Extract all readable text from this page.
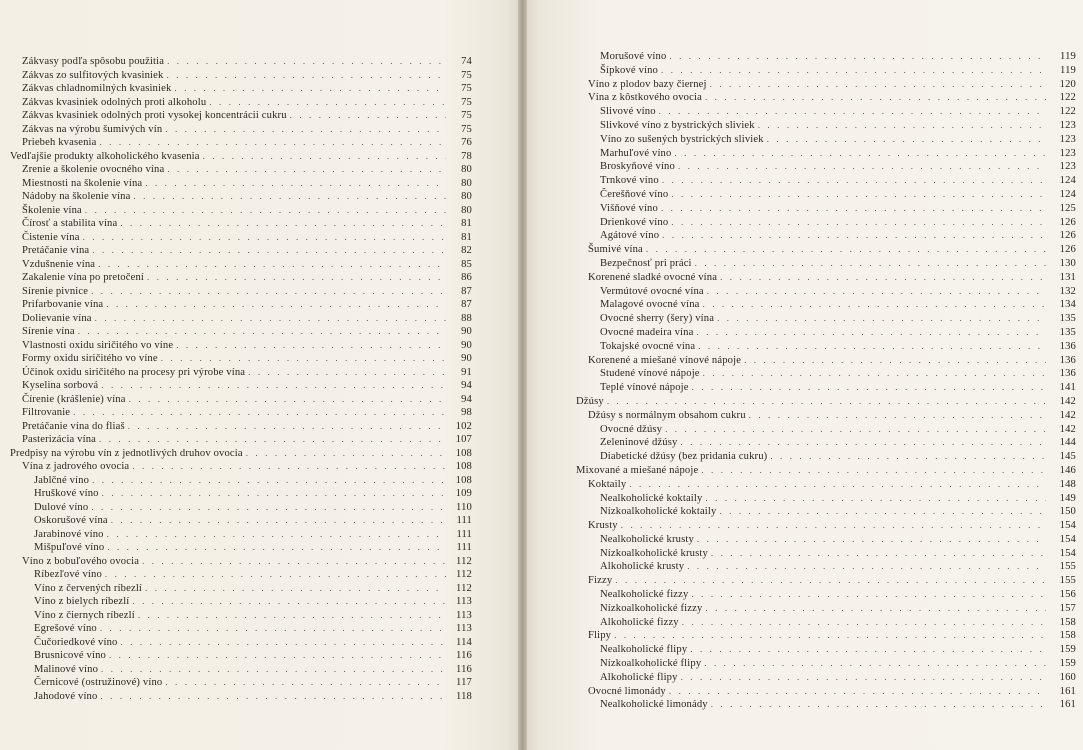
Zákvasy podľa spôsobu použitia . . .	74
Zákvas zo sulfitových kvasiniek . . .	75
Zákvas chladnomilných kvasiniek . . .	75
Zákvas kvasiniek odolných proti alkoholu . . .	75
Zákvas kvasiniek odolných proti vysokej koncentrácii cukru . . .	75
Zákvas na výrobu šumivých vín . . .	75
Priebeh kvasenia . . .	76
Vedľajšie produkty alkoholického kvasenia . . .	78
Zrenie a školenie ovocného vína . . .	80
Miestnosti na školenie vína . . .	80
Nádoby na školenie vína . . .	80
Školenie vína . . .	80
Čírosť a stabilita vína . . .	81
Čistenie vína . . .	81
Pretáčanie vína . . .	82
Vzdušnenie vína . . .	85
Zakalenie vína po pretočení . . .	86
Sírenie pivnice . . .	87
Prifarbovanie vína . . .	87
Dolievanie vína . . .	88
Sírenie vína . . .	90
Vlastnosti oxidu siričitého vo víne . . .	90
Formy oxidu siričitého vo víne . . .	90
Účinok oxidu siričitého na procesy pri výrobe vína . . .	91
Kyselina sorbová . . .	94
Čírenie (krášlenie) vína . . .	94
Filtrovanie . . .	98
Pretáčanie vína do fliaš . . .	102
Pasterizácia vína . . .	107
Predpisy na výrobu vín z jednotlivých druhov ovocia . . .	108
Vína z jadrového ovocia . . .	108
Jablčné víno . . .	108
Hruškové víno . . .	109
Dulové víno . . .	110
Oskorušové vína . . .	111
Jarabinové víno . . .	111
Mišpuľové víno . . .	111
Víno z bobuľového ovocia . . .	112
Ríbezľové víno . . .	112
Víno z červených ríbezlí . . .	112
Víno z bielych ríbezlí . . .	113
Víno z čiernych ríbezlí . . .	113
Egrešové víno . . .	113
Čučoriedkové víno . . .	114
Brusnicové víno . . .	116
Malinové víno . . .	116
Černicové (ostružinové) víno . . .	117
Jahodové víno . . .	118
Morušové víno . . .	119
Šípkové víno . . .	119
Víno z plodov bazy čiernej . . .	120
Vína z kôstkového ovocia . . .	122
Slivové víno . . .	122
Slivkové víno z bystrických sliviek . . .	123
Víno zo sušených bystrických sliviek . . .	123
Marhuľové víno . . .	123
Broskyňové víno . . .	123
Trnkové víno . . .	124
Čerešňové víno . . .	124
Višňové víno . . .	125
Drienkové víno . . .	126
Agátové víno . . .	126
Šumivé vína . . .	126
Bezpečnosť pri práci . . .	130
Korenené sladké ovocné vína . . .	131
Vermútové ovocné vína . . .	132
Malagové ovocné vína . . .	134
Ovocné sherry (šery) vína . . .	135
Ovocné madeira vína . . .	135
Tokajské ovocné vína . . .	136
Korenené a miešané vínové nápoje . . .	136
Studené vínové nápoje . . .	136
Teplé vínové nápoje . . .	141
Džúsy . . .	142
Džúsy s normálnym obsahom cukru . . .	142
Ovocné džúsy . . .	142
Zeleninové džúsy . . .	144
Diabetické džúsy (bez pridania cukru) . . .	145
Mixované a miešané nápoje . . .	146
Koktaily . . .	148
Nealkoholické koktaily . . .	149
Nízkoalkoholické koktaily . . .	150
Krusty . . .	154
Nealkoholické krusty . . .	154
Nízkoalkoholické krusty . . .	154
Alkoholické krusty . . .	155
Fizzy . . .	155
Nealkoholické fizzy . . .	156
Nízkoalkoholické fizzy . . .	157
Alkoholické fizzy . . .	158
Flipy . . .	158
Nealkoholické flipy . . .	159
Nízkoalkoholické flipy . . .	159
Alkoholické flipy . . .	160
Ovocné limonády . . .	161
Nealkoholické limonády . . .	161
